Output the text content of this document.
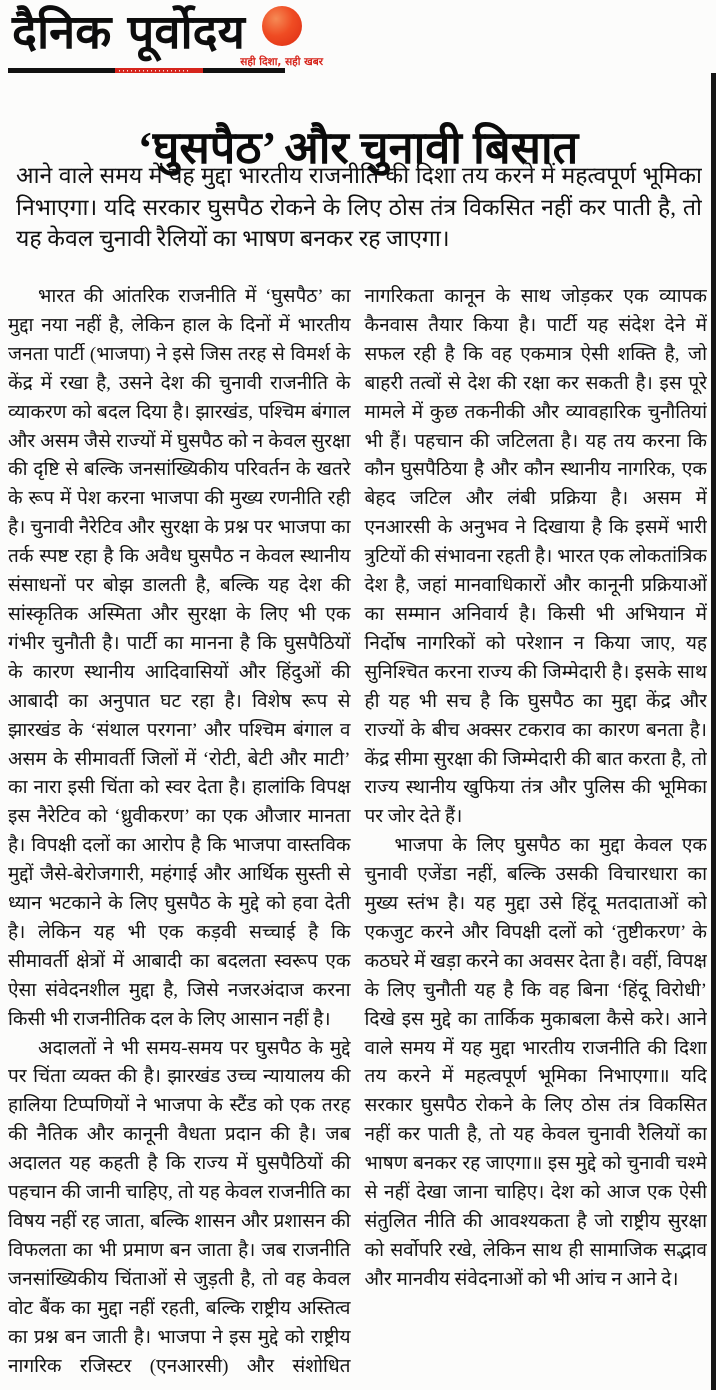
दैनिक पूर्वोदय
सही दिशा, सही खबर
‘घुसपैठ’ और चुनावी बिसात
आने वाले समय में यह मुद्दा भारतीय राजनीति की दिशा तय करने में महत्वपूर्ण भूमिका निभाएगा। यदि सरकार घुसपैठ रोकने के लिए ठोस तंत्र विकसित नहीं कर पाती है, तो यह केवल चुनावी रैलियों का भाषण बनकर रह जाएगा।

भारत की आंतरिक राजनीति में ‘घुसपैठ’ का मुद्दा नया नहीं है, लेकिन हाल के दिनों में भारतीय जनता पार्टी (भाजपा) ने इसे जिस तरह से विमर्श के केंद्र में रखा है, उसने देश की चुनावी राजनीति के व्याकरण को बदल दिया है। झारखंड, पश्चिम बंगाल और असम जैसे राज्यों में घुसपैठ को न केवल सुरक्षा की दृष्टि से बल्कि जनसांख्यिकीय परिवर्तन के खतरे के रूप में पेश करना भाजपा की मुख्य रणनीति रही है। चुनावी नैरेटिव और सुरक्षा के प्रश्न पर भाजपा का तर्क स्पष्ट रहा है कि अवैध घुसपैठ न केवल स्थानीय संसाधनों पर बोझ डालती है, बल्कि यह देश की सांस्कृतिक अस्मिता और सुरक्षा के लिए भी एक गंभीर चुनौती है। पार्टी का मानना है कि घुसपैठियों के कारण स्थानीय आदिवासियों और हिंदुओं की आबादी का अनुपात घट रहा है। विशेष रूप से झारखंड के ‘संथाल परगना’ और पश्चिम बंगाल व असम के सीमावर्ती जिलों में ‘रोटी, बेटी और माटी’ का नारा इसी चिंता को स्वर देता है। हालांकि विपक्ष इस नैरेटिव को ‘ध्रुवीकरण’ का एक औजार मानता है। विपक्षी दलों का आरोप है कि भाजपा वास्तविक मुद्दों जैसे-बेरोजगारी, महंगाई और आर्थिक सुस्ती से ध्यान भटकाने के लिए घुसपैठ के मुद्दे को हवा देती है। लेकिन यह भी एक कड़वी सच्चाई है कि सीमावर्ती क्षेत्रों में आबादी का बदलता स्वरूप एक ऐसा संवेदनशील मुद्दा है, जिसे नजरअंदाज करना किसी भी राजनीतिक दल के लिए आसान नहीं है।

अदालतों ने भी समय-समय पर घुसपैठ के मुद्दे पर चिंता व्यक्त की है। झारखंड उच्च न्यायालय की हालिया टिप्पणियों ने भाजपा के स्टैंड को एक तरह की नैतिक और कानूनी वैधता प्रदान की है। जब अदालत यह कहती है कि राज्य में घुसपैठियों की पहचान की जानी चाहिए, तो यह केवल राजनीति का विषय नहीं रह जाता, बल्कि शासन और प्रशासन की विफलता का भी प्रमाण बन जाता है। जब राजनीति जनसांख्यिकीय चिंताओं से जुड़ती है, तो वह केवल वोट बैंक का मुद्दा नहीं रहती, बल्कि राष्ट्रीय अस्तित्व का प्रश्न बन जाती है। भाजपा ने इस मुद्दे को राष्ट्रीय नागरिक रजिस्टर (एनआरसी) और संशोधित नागरिकता कानून के साथ जोड़कर एक व्यापक कैनवास तैयार किया है। पार्टी यह संदेश देने में सफल रही है कि वह एकमात्र ऐसी शक्ति है, जो बाहरी तत्वों से देश की रक्षा कर सकती है। इस पूरे मामले में कुछ तकनीकी और व्यावहारिक चुनौतियां भी हैं। पहचान की जटिलता है। यह तय करना कि कौन घुसपैठिया है और कौन स्थानीय नागरिक, एक बेहद जटिल और लंबी प्रक्रिया है। असम में एनआरसी के अनुभव ने दिखाया है कि इसमें भारी त्रुटियों की संभावना रहती है। भारत एक लोकतांत्रिक देश है, जहां मानवाधिकारों और कानूनी प्रक्रियाओं का सम्मान अनिवार्य है। किसी भी अभियान में निर्दोष नागरिकों को परेशान न किया जाए, यह सुनिश्चित करना राज्य की जिम्मेदारी है। इसके साथ ही यह भी सच है कि घुसपैठ का मुद्दा केंद्र और राज्यों के बीच अक्सर टकराव का कारण बनता है। केंद्र सीमा सुरक्षा की जिम्मेदारी की बात करता है, तो राज्य स्थानीय खुफिया तंत्र और पुलिस की भूमिका पर जोर देते हैं।

भाजपा के लिए घुसपैठ का मुद्दा केवल एक चुनावी एजेंडा नहीं, बल्कि उसकी विचारधारा का मुख्य स्तंभ है। यह मुद्दा उसे हिंदू मतदाताओं को एकजुट करने और विपक्षी दलों को ‘तुष्टीकरण’ के कठघरे में खड़ा करने का अवसर देता है। वहीं, विपक्ष के लिए चुनौती यह है कि वह बिना ‘हिंदू विरोधी’ दिखे इस मुद्दे का तार्किक मुकाबला कैसे करे। आने वाले समय में यह मुद्दा भारतीय राजनीति की दिशा तय करने में महत्वपूर्ण भूमिका निभाएगा॥ यदि सरकार घुसपैठ रोकने के लिए ठोस तंत्र विकसित नहीं कर पाती है, तो यह केवल चुनावी रैलियों का भाषण बनकर रह जाएगा॥ इस मुद्दे को चुनावी चश्मे से नहीं देखा जाना चाहिए। देश को आज एक ऐसी संतुलित नीति की आवश्यकता है जो राष्ट्रीय सुरक्षा को सर्वोपरि रखे, लेकिन साथ ही सामाजिक सद्भाव और मानवीय संवेदनाओं को भी आंच न आने दे।
